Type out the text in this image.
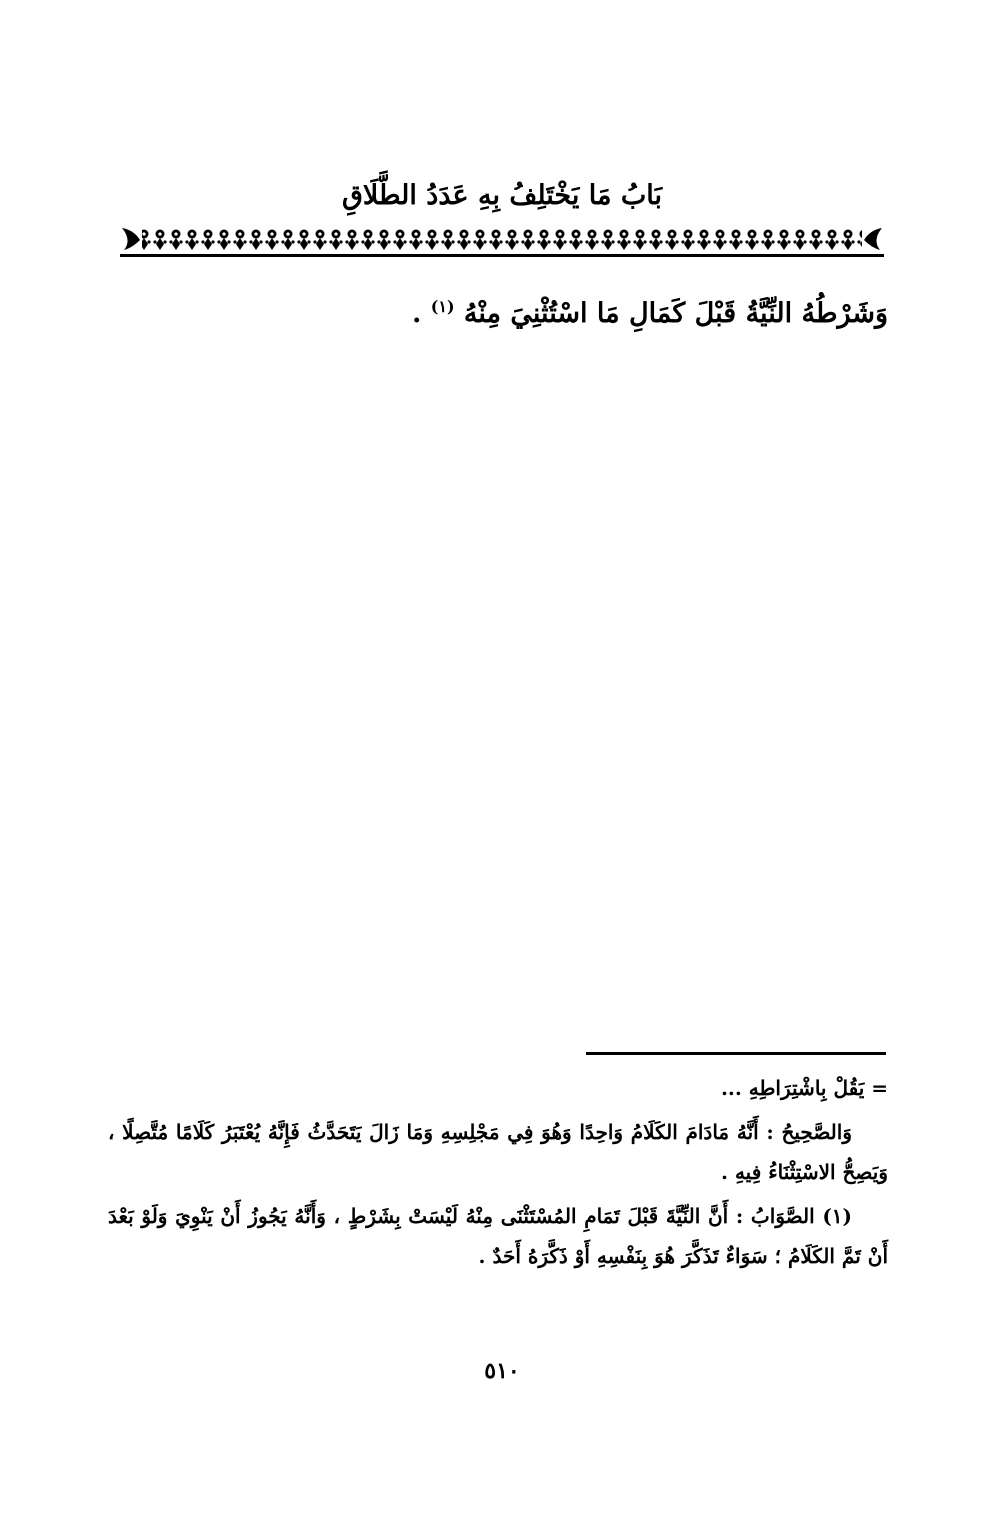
بَابُ مَا يَخْتَلِفُ بِهِ عَدَدُ الطَّلَاقِ

وَشَرْطُهُ النِّيَّةُ قَبْلَ كَمَالِ مَا اسْتُثْنِيَ مِنْهُ $^{(١)}$ .

= يَقُلْ بِاشْتِرَاطِهِ ...

وَالصَّحِيحُ : أَنَّهُ مَادَامَ الكَلَامُ وَاحِدًا وَهُوَ فِي مَجْلِسِهِ وَمَا زَالَ يَتَحَدَّثُ فَإِنَّهُ يُعْتَبَرُ كَلَامًا مُتَّصِلًا ، وَيَصِحُّ الاسْتِثْنَاءُ فِيهِ .

(١) الصَّوَابُ : أَنَّ النِّيَّةَ قَبْلَ تَمَامِ المُسْتَثْنَى مِنْهُ لَيْسَتْ بِشَرْطٍ ، وَأَنَّهُ يَجُوزُ أَنْ يَنْوِيَ وَلَوْ بَعْدَ أَنْ تَمَّ الكَلَامُ ؛ سَوَاءٌ تَذَكَّرَ هُوَ بِنَفْسِهِ أَوْ ذَكَّرَهُ أَحَدٌ .

٥١٠
